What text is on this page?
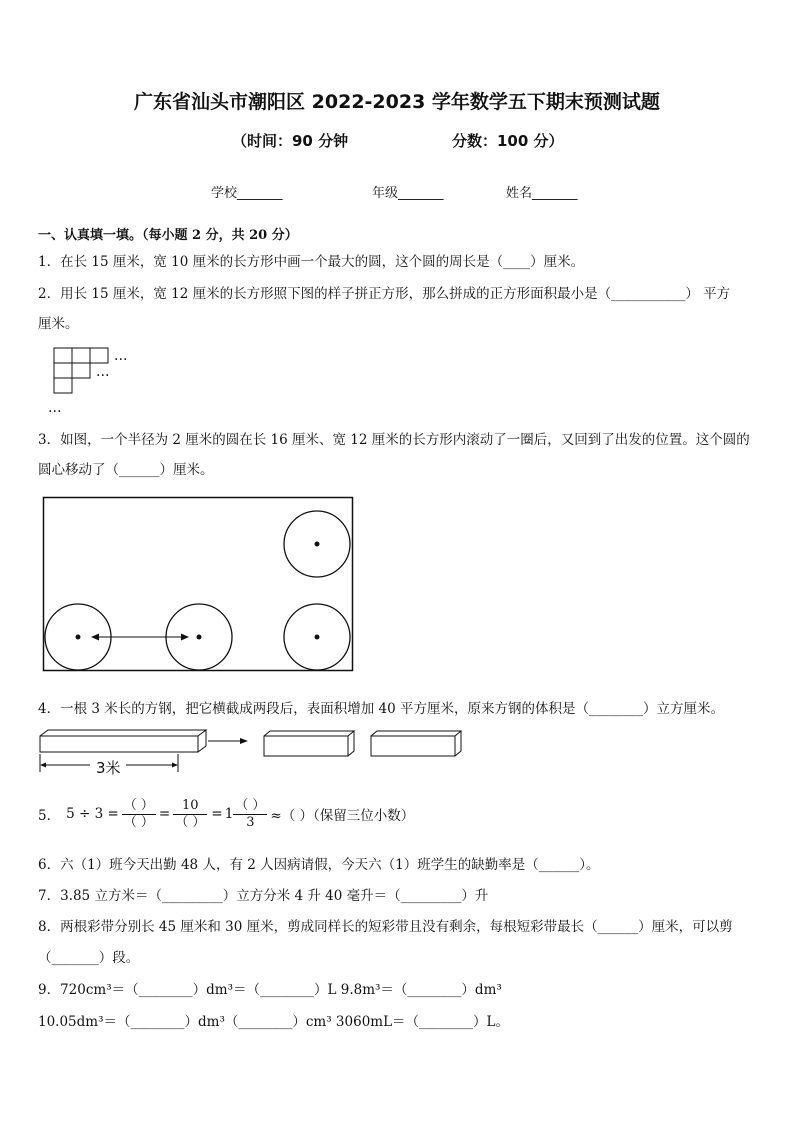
广东省汕头市潮阳区 2022-2023 学年数学五下期末预测试题
（时间：90 分钟	分数：100 分）
学校_______	年级_______	姓名_______
一、认真填一填。（每小题 2 分，共 20 分）
1．在长 15 厘米，宽 10 厘米的长方形中画一个最大的圆，这个圆的周长是（____）厘米。
2．用长 15 厘米，宽 12 厘米的长方形照下图的样子拼正方形，那么拼成的正方形面积最小是（___________） 平方
厘米。
…
…
…
3．如图，一个半径为 2 厘米的圆在长 16 厘米、宽 12 厘米的长方形内滚动了一圈后，又回到了出发的位置。这个圆的
圆心移动了（______）厘米。
4．一根 3 米长的方钢，把它横截成两段后，表面积增加 40 平方厘米，原来方钢的体积是（________）立方厘米。
3米
5． $5 \div 3 = \frac{( )}{( )} = \frac{10}{( )} = 1 \frac{( )}{3}$ ≈（ ）（保留三位小数）
6．六（1）班今天出勤 48 人，有 2 人因病请假，今天六（1）班学生的缺勤率是（______）。
7．3.85 立方米＝（_________）立方分米 4 升 40 毫升＝（_________）升
8．两根彩带分别长 45 厘米和 30 厘米，剪成同样长的短彩带且没有剩余，每根短彩带最长（______）厘米，可以剪
（_______）段。
9．720cm³＝（________）dm³＝（________）L 9.8m³＝（________）dm³
10.05dm³＝（________）dm³（________）cm³ 3060mL＝（________）L。
